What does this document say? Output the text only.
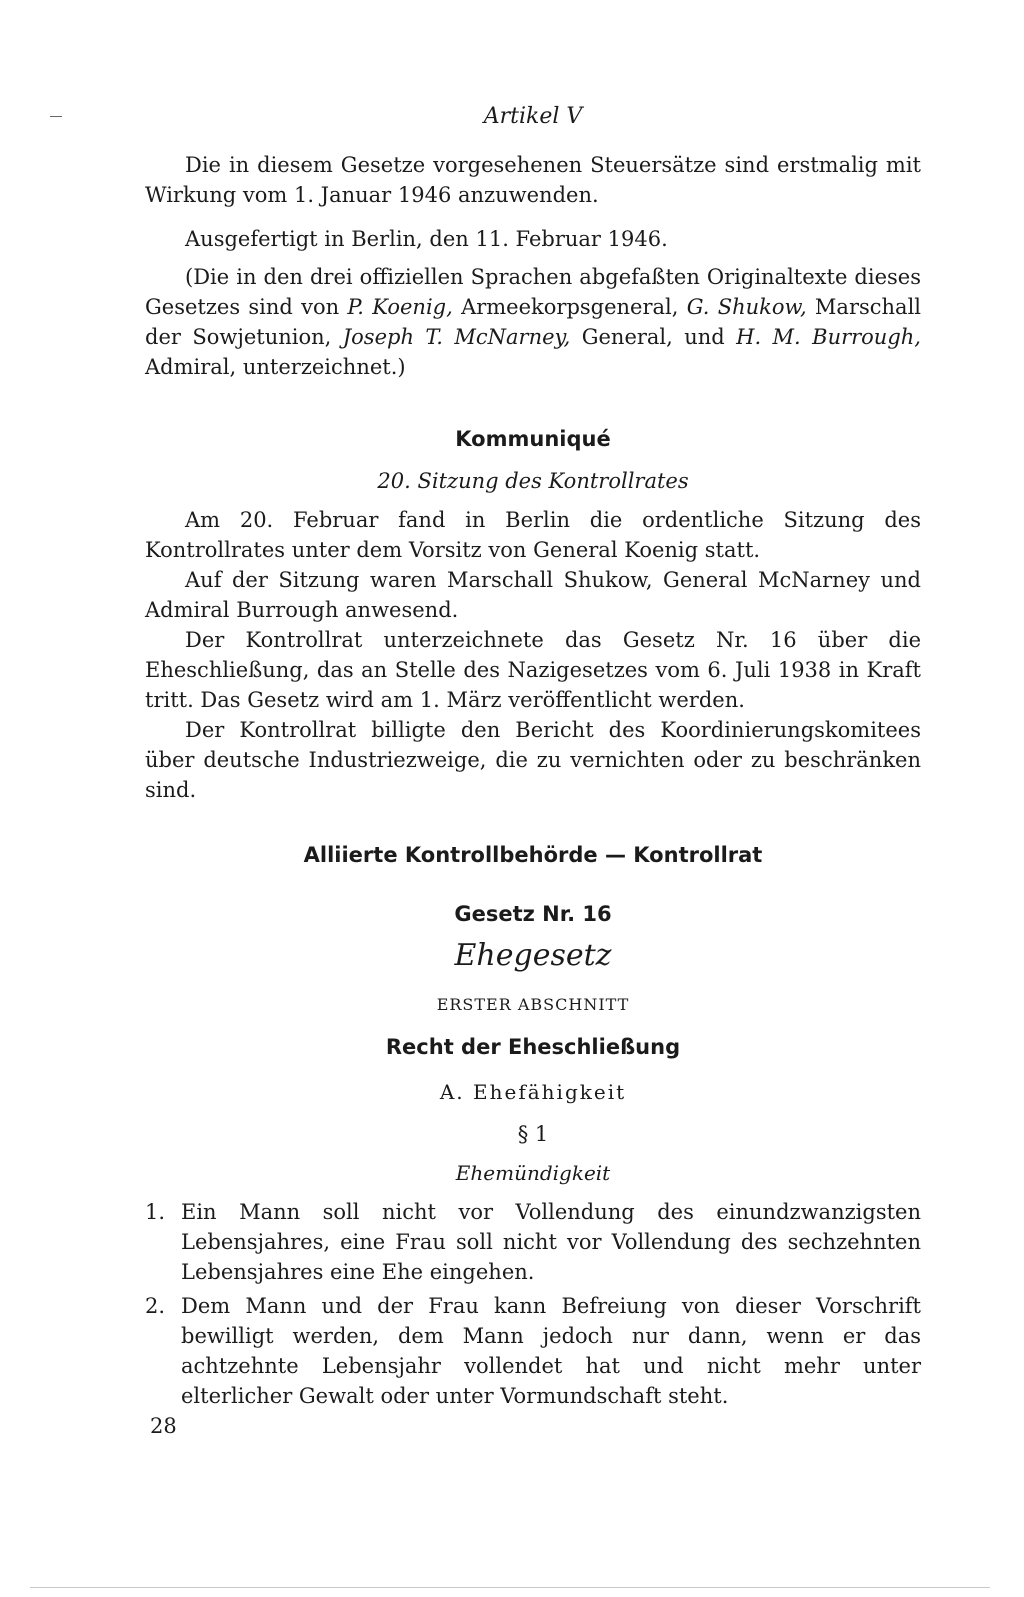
Artikel V

Die in diesem Gesetze vorgesehenen Steuersätze sind erstmalig mit Wirkung vom 1. Januar 1946 anzuwenden.

Ausgefertigt in Berlin, den 11. Februar 1946.

(Die in den drei offiziellen Sprachen abgefaßten Originaltexte dieses Gesetzes sind von P. Koenig, Armeekorpsgeneral, G. Shukow, Marschall der Sowjetunion, Joseph T. McNarney, General, und H. M. Burrough, Admiral, unterzeichnet.)

Kommuniqué
20. Sitzung des Kontrollrates

Am 20. Februar fand in Berlin die ordentliche Sitzung des Kontrollrates unter dem Vorsitz von General Koenig statt.

Auf der Sitzung waren Marschall Shukow, General McNarney und Admiral Burrough anwesend.

Der Kontrollrat unterzeichnete das Gesetz Nr. 16 über die Eheschließung, das an Stelle des Nazigesetzes vom 6. Juli 1938 in Kraft tritt. Das Gesetz wird am 1. März veröffentlicht werden.

Der Kontrollrat billigte den Bericht des Koordinierungskomitees über deutsche Industriezweige, die zu vernichten oder zu beschränken sind.

Alliierte Kontrollbehörde — Kontrollrat
Gesetz Nr. 16
Ehegesetz
ERSTER ABSCHNITT
Recht der Eheschließung
A. Ehefähigkeit
§ 1
Ehemündigkeit
1. Ein Mann soll nicht vor Vollendung des einundzwanzigsten Lebensjahres, eine Frau soll nicht vor Vollendung des sechzehnten Lebensjahres eine Ehe eingehen.
2. Dem Mann und der Frau kann Befreiung von dieser Vorschrift bewilligt werden, dem Mann jedoch nur dann, wenn er das achtzehnte Lebensjahr vollendet hat und nicht mehr unter elterlicher Gewalt oder unter Vormundschaft steht.
28
